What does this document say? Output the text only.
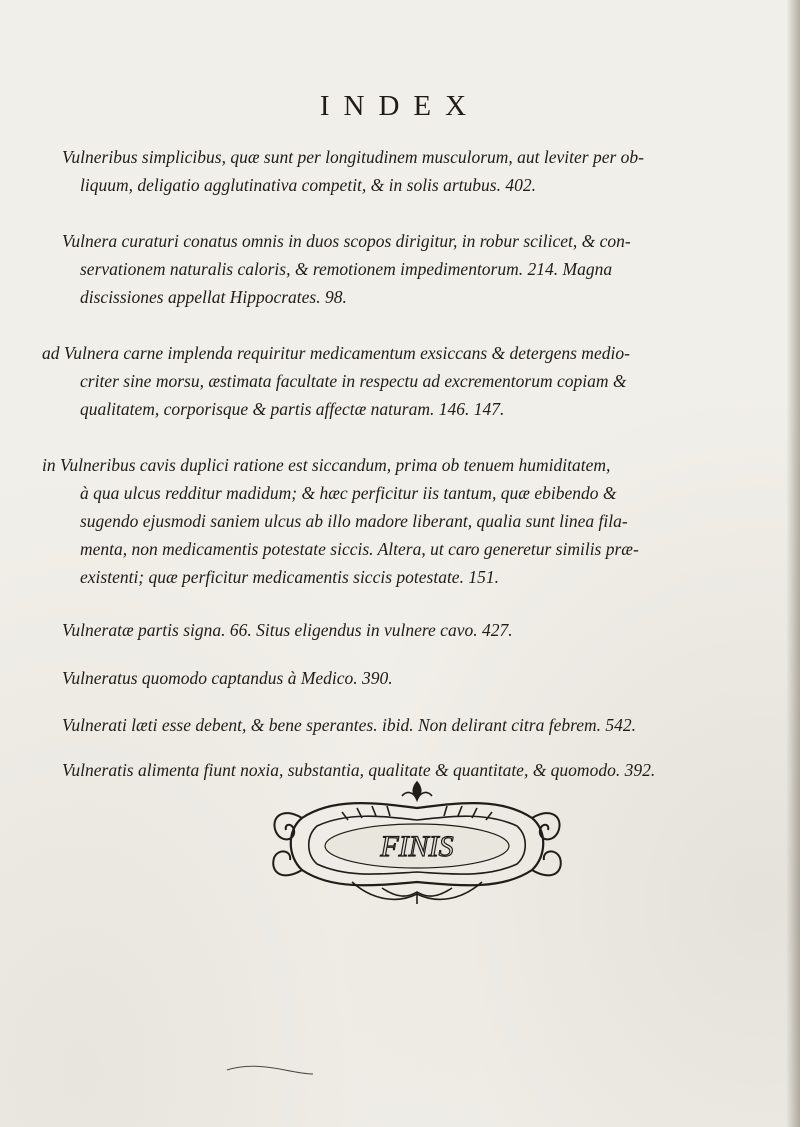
INDEX
Vulneribus simplicibus, quæ sunt per longitudinem musculorum, aut leviter per ob-
liquum, deligatio agglutinativa competit, & in solis artubus. 402.
Vulnera curaturi conatus omnis in duos scopos dirigitur, in robur scilicet, & con-
servationem naturalis caloris, & remotionem impedimentorum. 214. Magna
discissiones appellat Hippocrates. 98.
ad Vulnera carne implenda requiritur medicamentum exsiccans & detergens medio-
criter sine morsu, æstimata facultate in respectu ad excrementorum copiam &
qualitatem, corporisque & partis affectæ naturam. 146. 147.
in Vulneribus cavis duplici ratione est siccandum, prima ob tenuem humiditatem,
à qua ulcus redditur madidum; & hæc perficitur iis tantum, quæ ebibendo &
sugendo ejusmodi saniem ulcus ab illo madore liberant, qualia sunt linea fila-
menta, non medicamentis potestate siccis. Altera, ut caro generetur similis præ-
existenti; quæ perficitur medicamentis siccis potestate. 151.
Vulneratæ partis signa. 66. Situs eligendus in vulnere cavo. 427.
Vulneratus quomodo captandus à Medico. 390.
Vulnerati læti esse debent, & bene sperantes. ibid. Non delirant citra febrem. 542.
Vulneratis alimenta fiunt noxia, substantia, qualitate & quantitate, & quomodo. 392.
FINIS
